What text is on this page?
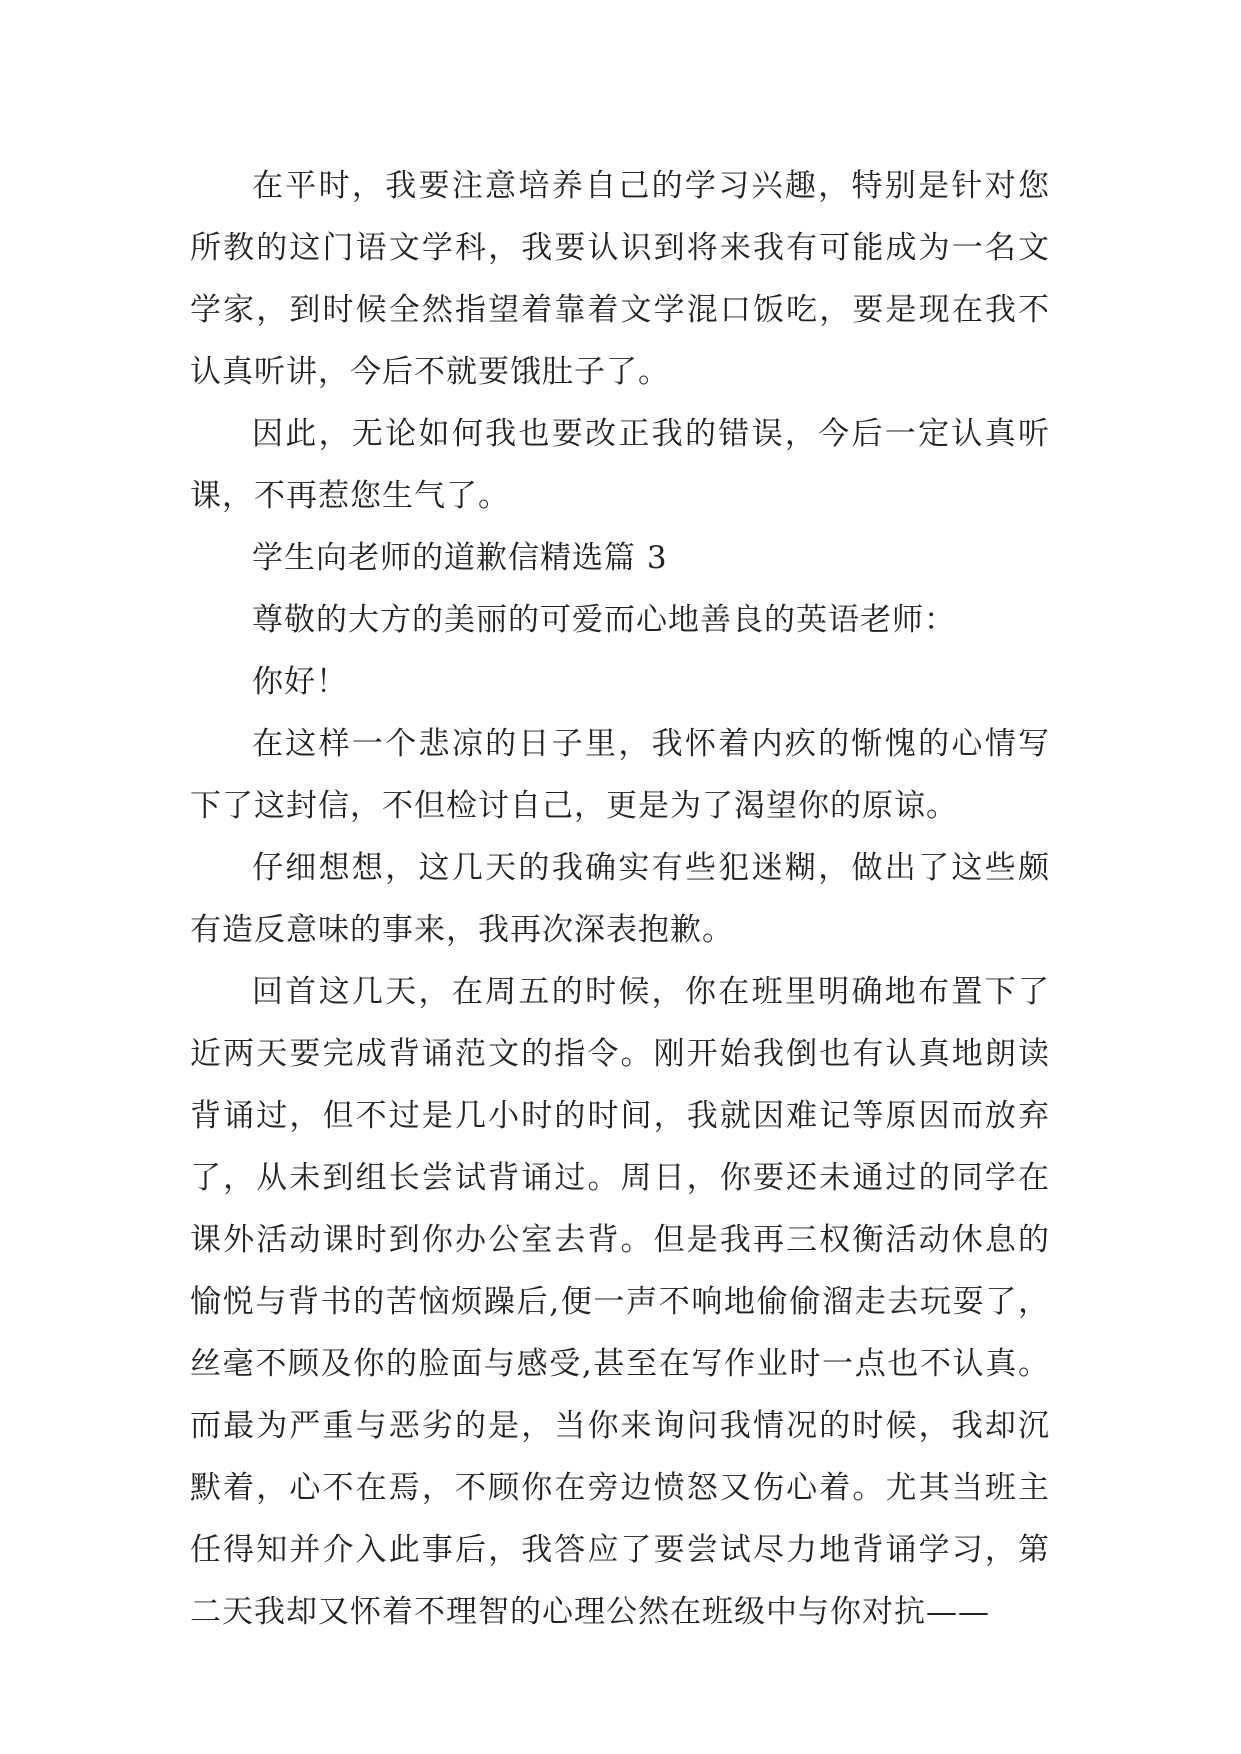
在平时，我要注意培养自己的学习兴趣，特别是针对您所教的这门语文学科，我要认识到将来我有可能成为一名文学家，到时候全然指望着靠着文学混口饭吃，要是现在我不认真听讲，今后不就要饿肚子了。

因此，无论如何我也要改正我的错误，今后一定认真听课，不再惹您生气了。

学生向老师的道歉信精选篇 3

尊敬的大方的美丽的可爱而心地善良的英语老师：

你好！

在这样一个悲凉的日子里，我怀着内疚的惭愧的心情写下了这封信，不但检讨自己，更是为了渴望你的原谅。

仔细想想，这几天的我确实有些犯迷糊，做出了这些颇有造反意味的事来，我再次深表抱歉。

回首这几天，在周五的时候，你在班里明确地布置下了近两天要完成背诵范文的指令。刚开始我倒也有认真地朗读背诵过，但不过是几小时的时间，我就因难记等原因而放弃了，从未到组长尝试背诵过。周日，你要还未通过的同学在课外活动课时到你办公室去背。但是我再三权衡活动休息的愉悦与背书的苦恼烦躁后,便一声不响地偷偷溜走去玩耍了，丝毫不顾及你的脸面与感受,甚至在写作业时一点也不认真。而最为严重与恶劣的是，当你来询问我情况的时候，我却沉默着，心不在焉，不顾你在旁边愤怒又伤心着。尤其当班主任得知并介入此事后，我答应了要尝试尽力地背诵学习，第二天我却又怀着不理智的心理公然在班级中与你对抗——
